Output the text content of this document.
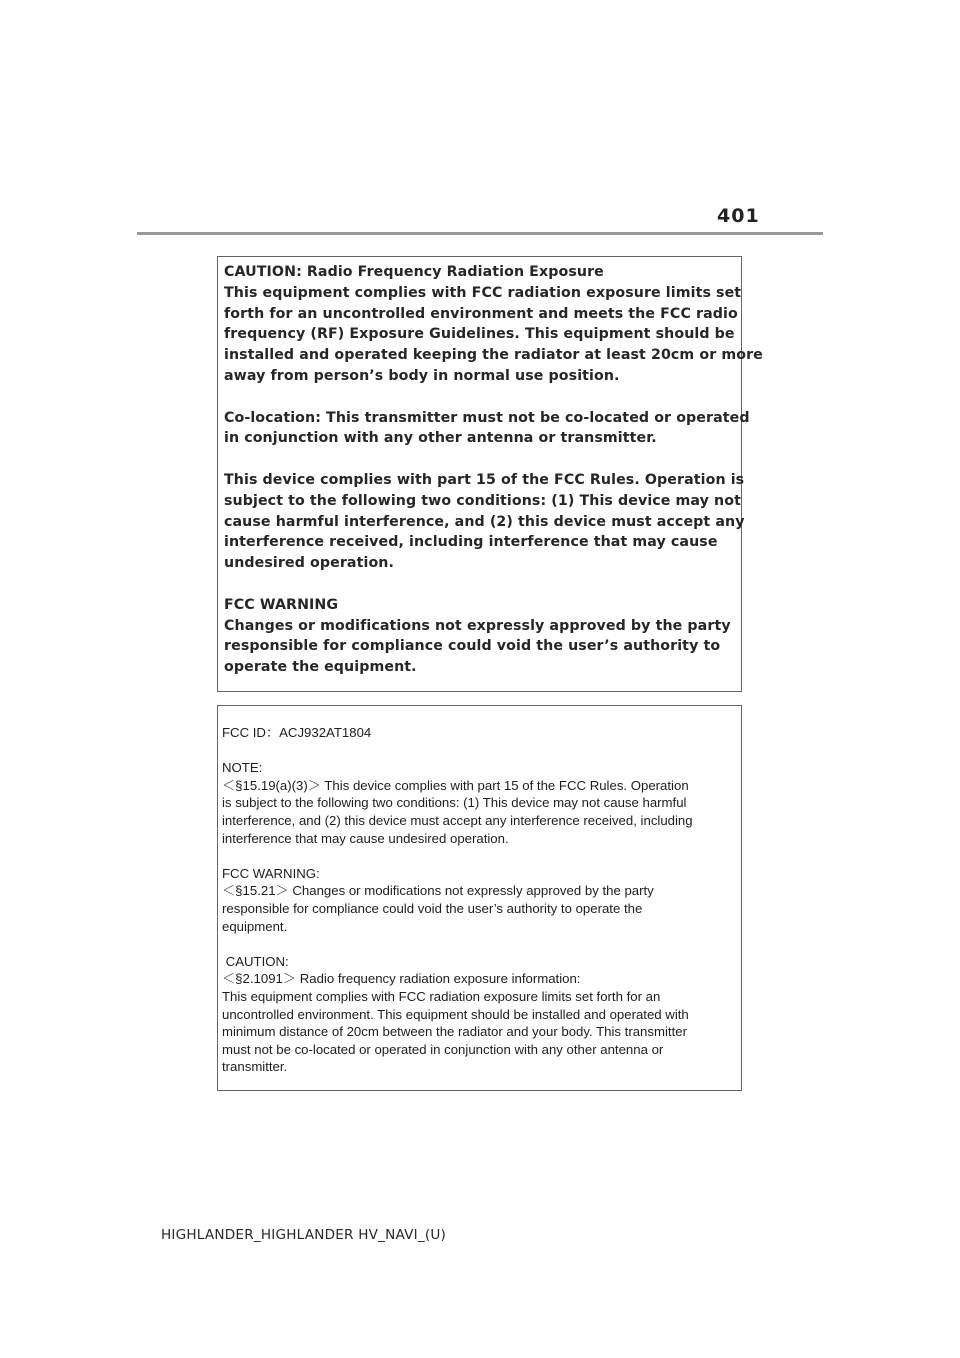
401

CAUTION: Radio Frequency Radiation Exposure
This equipment complies with FCC radiation exposure limits set
forth for an uncontrolled environment and meets the FCC radio
frequency (RF) Exposure Guidelines. This equipment should be
installed and operated keeping the radiator at least 20cm or more
away from person’s body in normal use position.

Co-location: This transmitter must not be co-located or operated
in conjunction with any other antenna or transmitter.

This device complies with part 15 of the FCC Rules. Operation is
subject to the following two conditions: (1) This device may not
cause harmful interference, and (2) this device must accept any
interference received, including interference that may cause
undesired operation.

FCC WARNING
Changes or modifications not expressly approved by the party
responsible for compliance could void the user’s authority to
operate the equipment.

FCC ID：ACJ932AT1804

NOTE:
＜§15.19(a)(3)＞ This device complies with part 15 of the FCC Rules. Operation
is subject to the following two conditions: (1) This device may not cause harmful
interference, and (2) this device must accept any interference received, including
interference that may cause undesired operation.

FCC WARNING:
＜§15.21＞ Changes or modifications not expressly approved by the party
responsible for compliance could void the user’s authority to operate the
equipment.

CAUTION:
＜§2.1091＞ Radio frequency radiation exposure information:
This equipment complies with FCC radiation exposure limits set forth for an
uncontrolled environment. This equipment should be installed and operated with
minimum distance of 20cm between the radiator and your body. This transmitter
must not be co-located or operated in conjunction with any other antenna or
transmitter.

HIGHLANDER_HIGHLANDER HV_NAVI_(U)
